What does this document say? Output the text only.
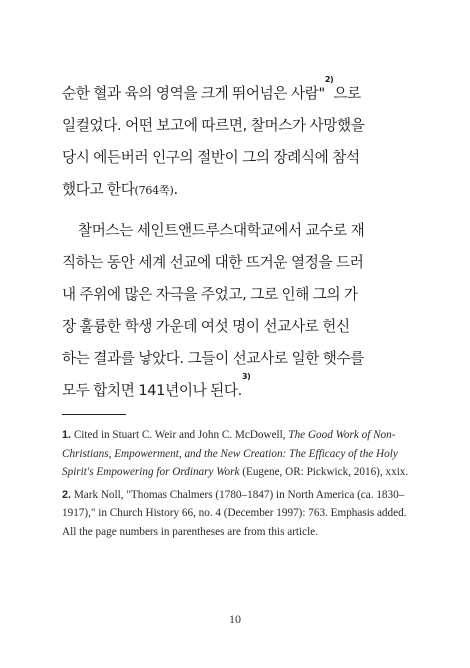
순한 혈과 육의 영역을 크게 뛰어넘은 사람"$^{2)}$으로
일컬었다. 어떤 보고에 따르면, 찰머스가 사망했을
당시 에든버러 인구의 절반이 그의 장례식에 참석
했다고 한다(764쪽).
찰머스는 세인트앤드루스대학교에서 교수로 재
직하는 동안 세계 선교에 대한 뜨거운 열정을 드러
내 주위에 많은 자극을 주었고, 그로 인해 그의 가
장 훌륭한 학생 가운데 여섯 명이 선교사로 헌신
하는 결과를 낳았다. 그들이 선교사로 일한 햇수를
모두 합치면 141년이나 된다.$^{3)}$

1. Cited in Stuart C. Weir and John C. McDowell, The Good Work of Non-Christians, Empowerment, and the New Creation: The Efficacy of the Holy Spirit's Empowering for Ordinary Work (Eugene, OR: Pickwick, 2016), xxix.

2. Mark Noll, "Thomas Chalmers (1780–1847) in North America (ca. 1830–1917)," in Church History 66, no. 4 (December 1997): 763. Emphasis added. All the page numbers in parentheses are from this article.

10
